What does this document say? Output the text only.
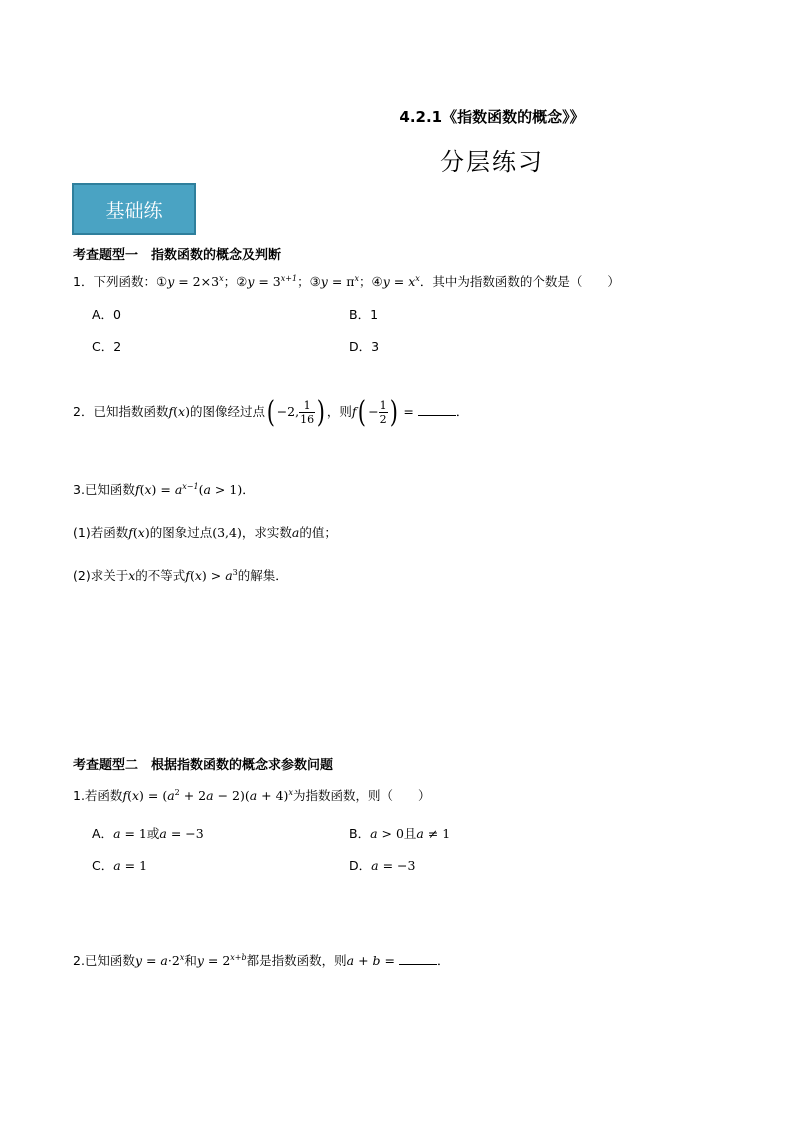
4.2.1《指数函数的概念》》
分层练习
基础练
考查题型一　指数函数的概念及判断
1．下列函数：①y = $2\times 3^x$；②y = $3^{x+1}$；③y = $\pi^x$；④y = $x^x$．其中为指数函数的个数是（　　）
A．0	B．1
C．2	D．3
2．已知指数函数f(x)的图像经过点( −2, $\frac{1}{16}$ ) ，则$f( - \frac{1}{2}$ ) =	．
3.已知函数$f(x) = a^{x-1}(a > 1)$．
(1)若函数f(x)的图象过点(3,4)，求实数a的值；
(2)求关于x的不等式$f(x) > a^3$的解集．
考查题型二　根据指数函数的概念求参数问题
1.若函数$f(x) = (a^2 + 2a - 2)(a + 4)^x$为指数函数，则（　　）
A．a = 1或a = −3	B．a > 0且a ≠ 1
C．a = 1	D．a = −3
2.已知函数$y = a\cdot 2^x$和$y = 2^{x+b}$都是指数函数，则a + b =	．
